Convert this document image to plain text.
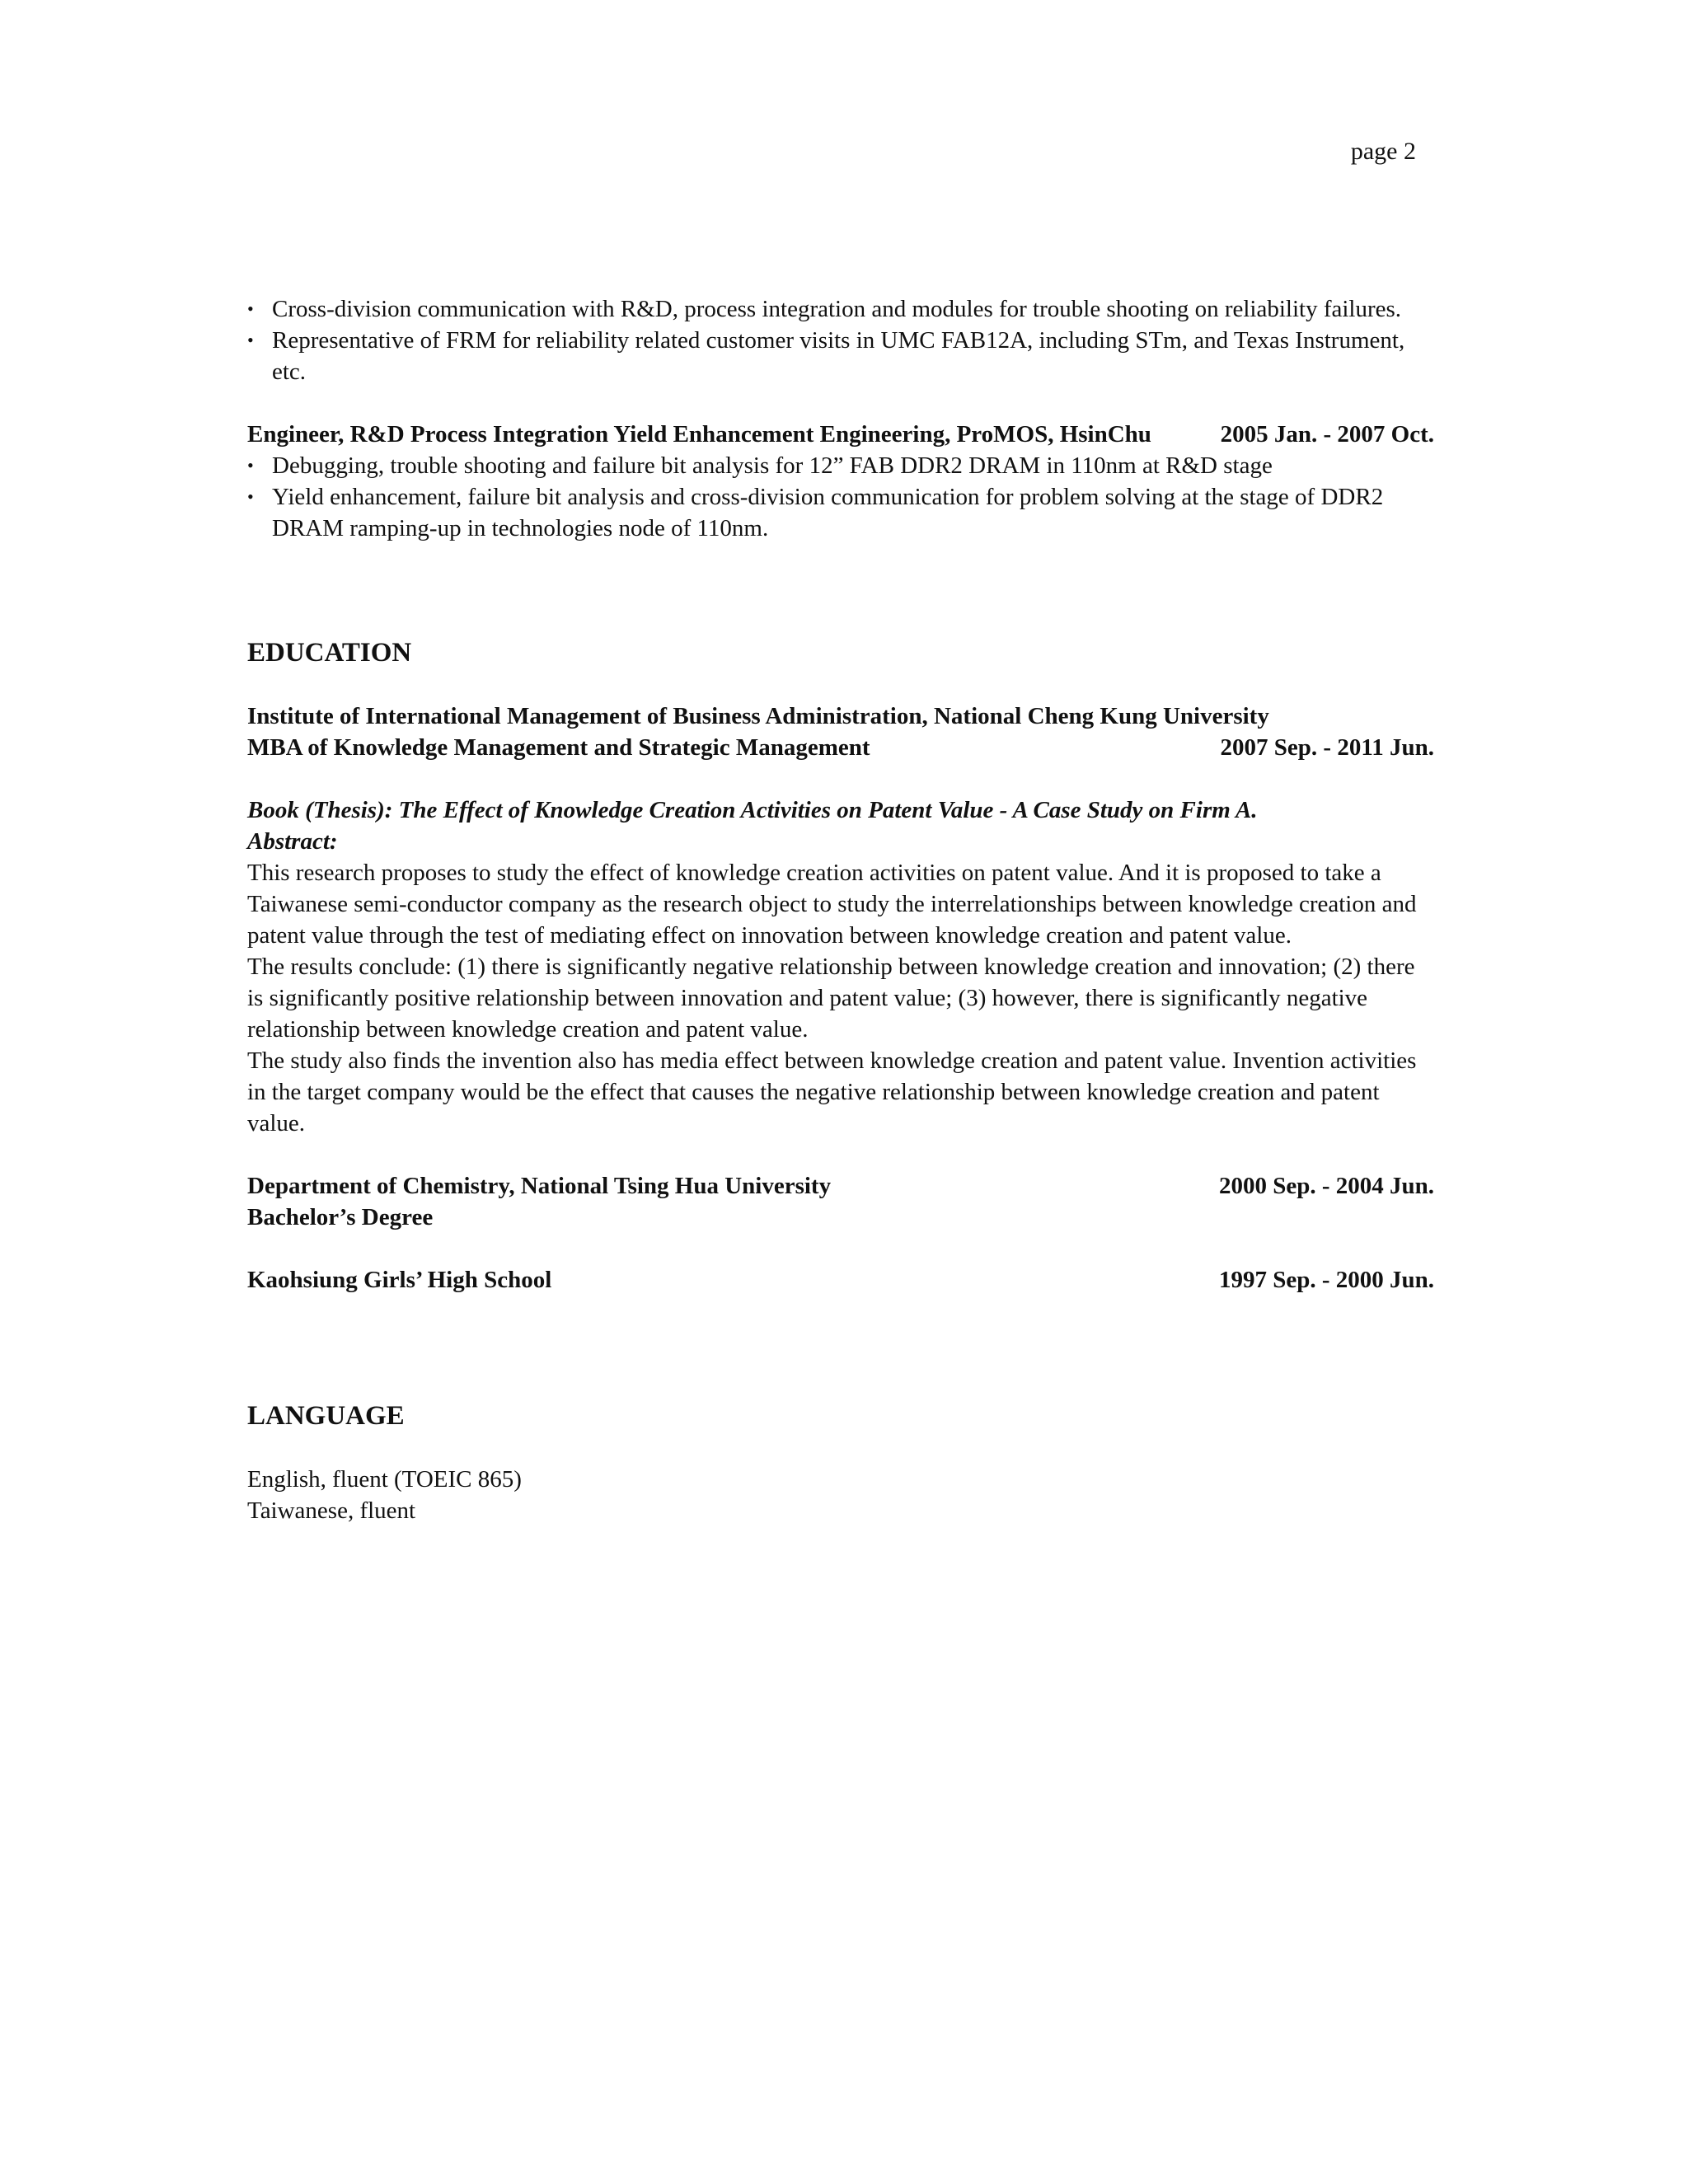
page 2
• Cross-division communication with R&D, process integration and modules for trouble shooting on reliability failures.
• Representative of FRM for reliability related customer visits in UMC FAB12A, including STm, and Texas Instrument, etc.
Engineer, R&D Process Integration Yield Enhancement Engineering, ProMOS, HsinChu	2005 Jan. - 2007 Oct.
• Debugging, trouble shooting and failure bit analysis for 12” FAB DDR2 DRAM in 110nm at R&D stage
• Yield enhancement, failure bit analysis and cross-division communication for problem solving at the stage of DDR2 DRAM ramping-up in technologies node of 110nm.
EDUCATION
Institute of International Management of Business Administration, National Cheng Kung University
MBA of Knowledge Management and Strategic Management	2007 Sep. - 2011 Jun.
Book (Thesis): The Effect of Knowledge Creation Activities on Patent Value - A Case Study on Firm A.
Abstract:

This research proposes to study the effect of knowledge creation activities on patent value. And it is proposed to take a Taiwanese semi-conductor company as the research object to study the interrelationships between knowledge creation and patent value through the test of mediating effect on innovation between knowledge creation and patent value.

The results conclude: (1) there is significantly negative relationship between knowledge creation and innovation; (2) there is significantly positive relationship between innovation and patent value; (3) however, there is significantly negative relationship between knowledge creation and patent value.

The study also finds the invention also has media effect between knowledge creation and patent value. Invention activities in the target company would be the effect that causes the negative relationship between knowledge creation and patent value.

Department of Chemistry, National Tsing Hua University	2000 Sep. - 2004 Jun.
Bachelor’s Degree
Kaohsiung Girls’ High School	1997 Sep. - 2000 Jun.
LANGUAGE
English, fluent (TOEIC 865)
Taiwanese, fluent
